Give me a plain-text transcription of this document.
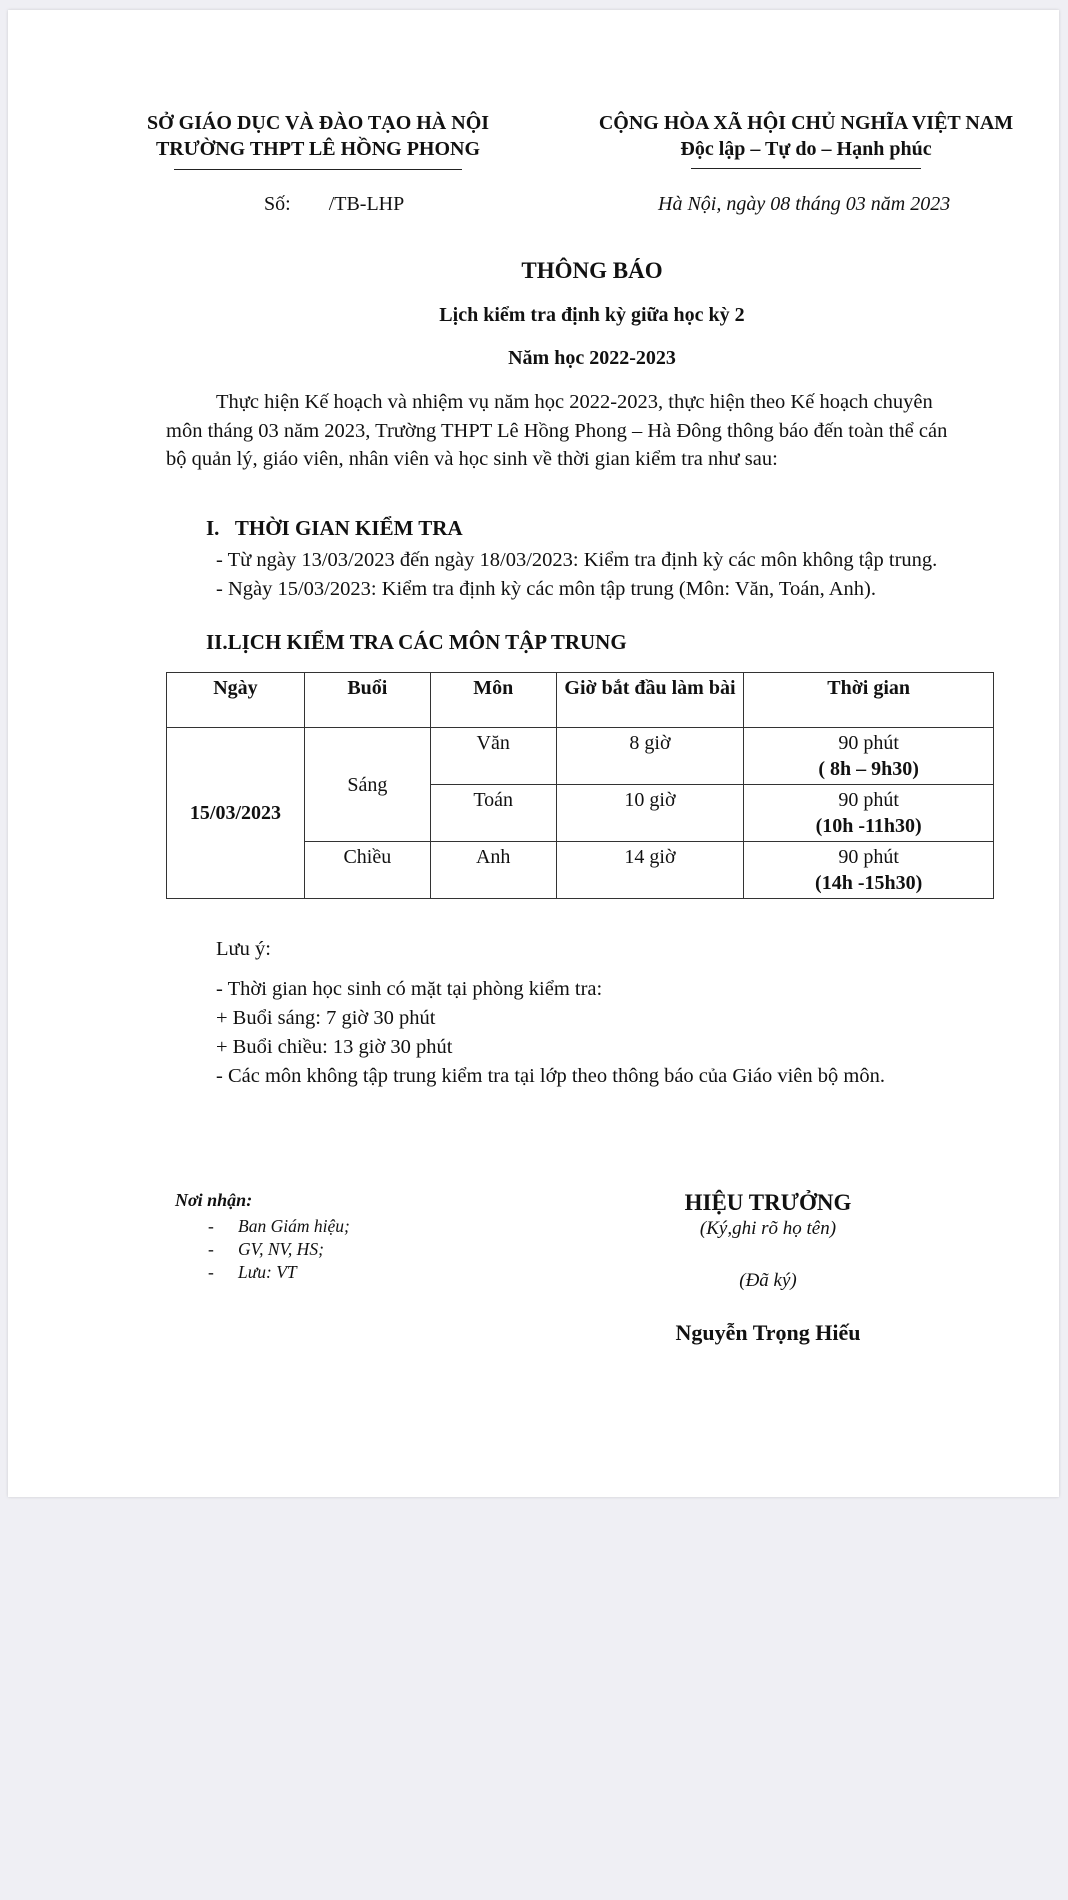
SỞ GIÁO DỤC VÀ ĐÀO TẠO HÀ NỘI
TRƯỜNG THPT LÊ HỒNG PHONG
CỘNG HÒA XÃ HỘI CHỦ NGHĨA VIỆT NAM
Độc lập – Tự do – Hạnh phúc
Số: /TB-LHP	Hà Nội, ngày 08 tháng 03 năm 2023
THÔNG BÁO
Lịch kiểm tra định kỳ giữa học kỳ 2
Năm học 2022-2023

Thực hiện Kế hoạch và nhiệm vụ năm học 2022-2023, thực hiện theo Kế hoạch chuyên môn tháng 03 năm 2023, Trường THPT Lê Hồng Phong – Hà Đông thông báo đến toàn thể cán bộ quản lý, giáo viên, nhân viên và học sinh về thời gian kiểm tra như sau:

I. THỜI GIAN KIỂM TRA

- Từ ngày 13/03/2023 đến ngày 18/03/2023: Kiểm tra định kỳ các môn không tập trung.

- Ngày 15/03/2023: Kiểm tra định kỳ các môn tập trung (Môn: Văn, Toán, Anh).

II.LỊCH KIỂM TRA CÁC MÔN TẬP TRUNG
Ngày	Buổi	Môn	Giờ bắt đầu làm bài	Thời gian
15/03/2023	Sáng	Văn	8 giờ	90 phút
( 8h – 9h30)

		Toán	10 giờ	90 phút
(10h -11h30)

	Chiều	Anh	14 giờ	90 phút
(14h -15h30)
Lưu ý:
- Thời gian học sinh có mặt tại phòng kiểm tra:
+ Buổi sáng: 7 giờ 30 phút
+ Buổi chiều: 13 giờ 30 phút
- Các môn không tập trung kiểm tra tại lớp theo thông báo của Giáo viên bộ môn.
Nơi nhận:
- Ban Giám hiệu;
- GV, NV, HS;
- Lưu: VT
HIỆU TRƯỞNG
(Ký,ghi rõ họ tên)
(Đã ký)
Nguyễn Trọng Hiếu
